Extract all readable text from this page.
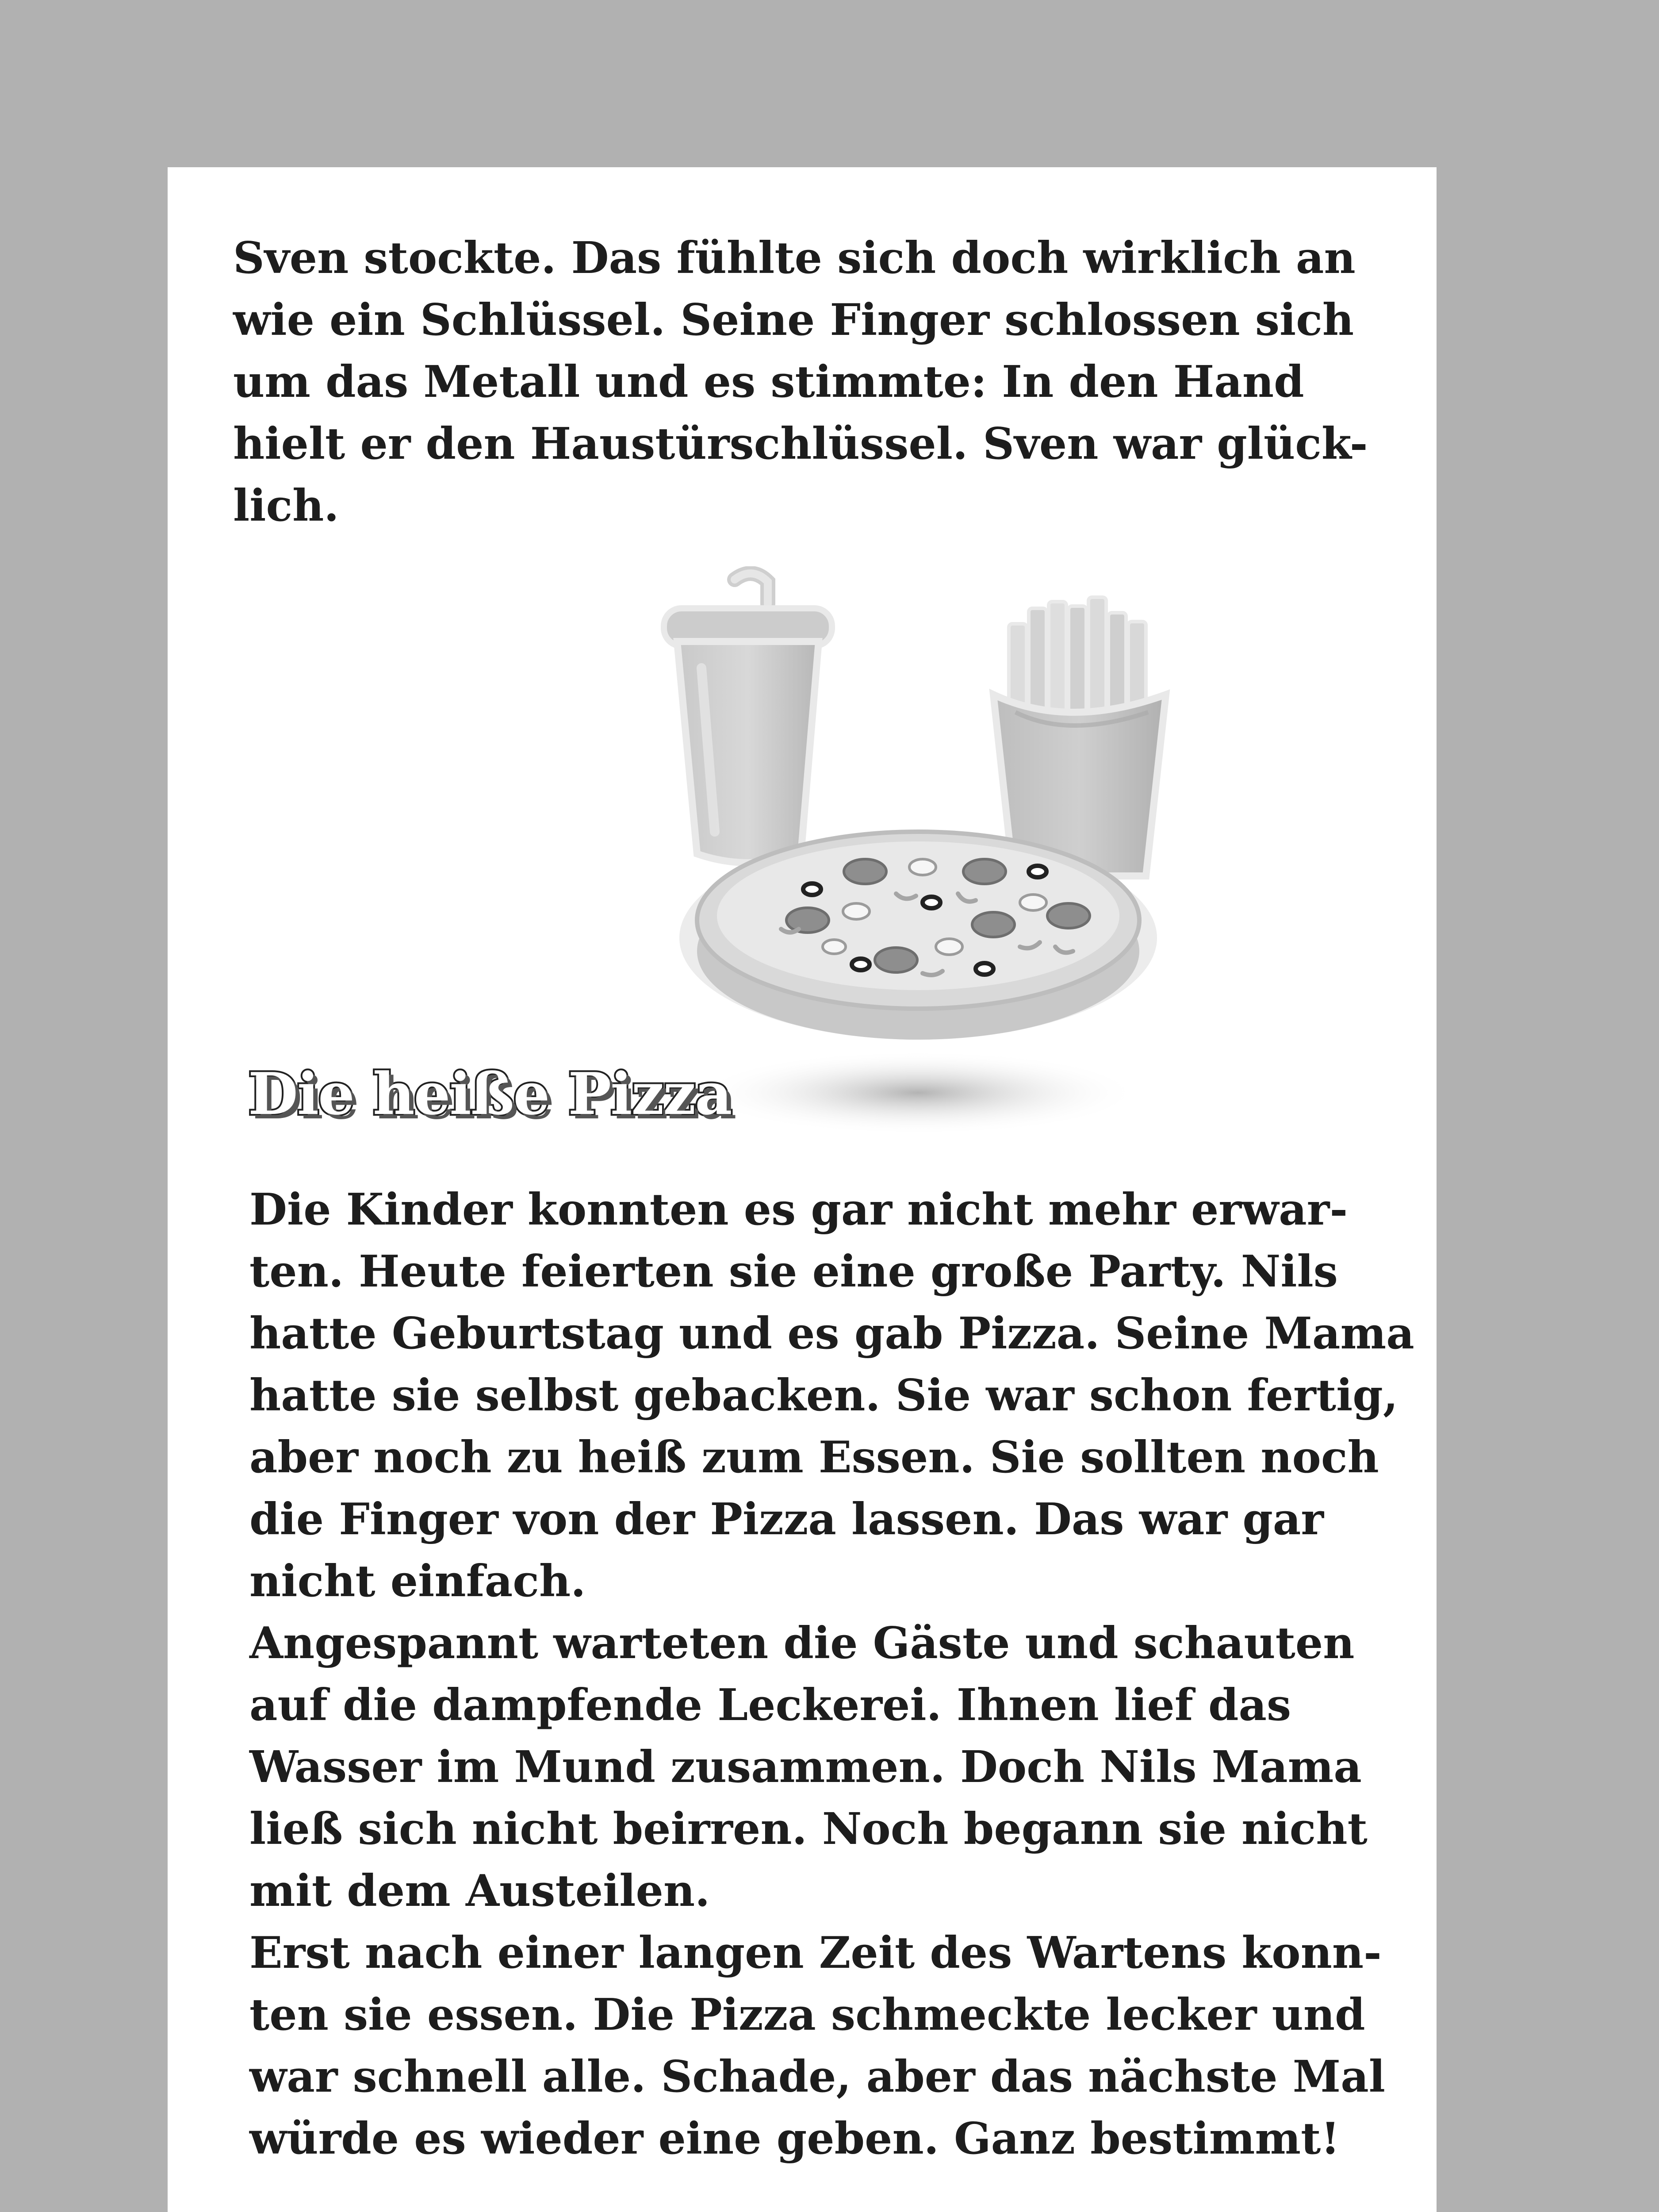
Sven stockte. Das fühlte sich doch wirklich an
wie ein Schlüssel. Seine Finger schlossen sich
um das Metall und es stimmte: In den Hand
hielt er den Haustürschlüssel. Sven war glück-
lich.
Die heiße Pizza
Die Kinder konnten es gar nicht mehr erwar-
ten. Heute feierten sie eine große Party. Nils
hatte Geburtstag und es gab Pizza. Seine Mama
hatte sie selbst gebacken. Sie war schon fertig,
aber noch zu heiß zum Essen. Sie sollten noch
die Finger von der Pizza lassen. Das war gar
nicht einfach.
Angespannt warteten die Gäste und schauten
auf die dampfende Leckerei. Ihnen lief das
Wasser im Mund zusammen. Doch Nils Mama
ließ sich nicht beirren. Noch begann sie nicht
mit dem Austeilen.
Erst nach einer langen Zeit des Wartens konn-
ten sie essen. Die Pizza schmeckte lecker und
war schnell alle. Schade, aber das nächste Mal
würde es wieder eine geben. Ganz bestimmt!
